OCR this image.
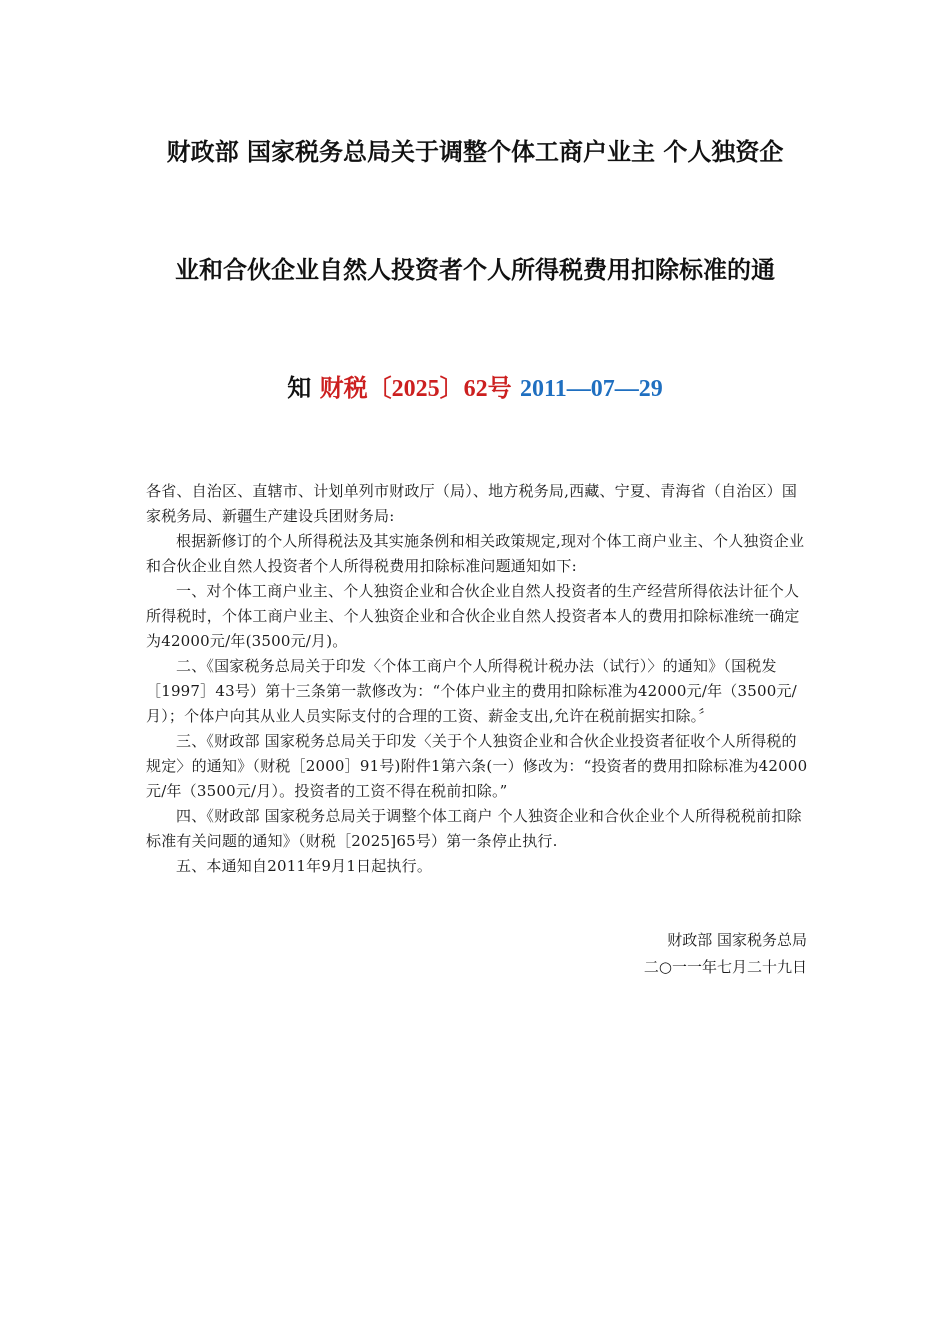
财政部 国家税务总局关于调整个体工商户业主 个人独资企
业和合伙企业自然人投资者个人所得税费用扣除标准的通
知 财税〔2025〕62号 2011—07—29

各省、自治区、直辖市、计划单列市财政厅（局）、地方税务局,西藏、宁夏、青海省（自治区）国家税务局、新疆生产建设兵团财务局:

根据新修订的个人所得税法及其实施条例和相关政策规定,现对个体工商户业主、个人独资企业和合伙企业自然人投资者个人所得税费用扣除标准问题通知如下:

一、对个体工商户业主、个人独资企业和合伙企业自然人投资者的生产经营所得依法计征个人所得税时，个体工商户业主、个人独资企业和合伙企业自然人投资者本人的费用扣除标准统一确定为42000元/年(3500元/月)。

二、《国家税务总局关于印发〈个体工商户个人所得税计税办法（试行）〉的通知》（国税发［1997］43号）第十三条第一款修改为：“个体户业主的费用扣除标准为42000元/年（3500元/月）；个体户向其从业人员实际支付的合理的工资、薪金支出,允许在税前据实扣除。〞

三、《财政部 国家税务总局关于印发〈关于个人独资企业和合伙企业投资者征收个人所得税的规定〉的通知》（财税［2000］91号)附件1第六条(一）修改为：“投资者的费用扣除标准为42000元/年（3500元/月）。投资者的工资不得在税前扣除。”

四、《财政部 国家税务总局关于调整个体工商户 个人独资企业和合伙企业个人所得税税前扣除标准有关问题的通知》（财税［2025]65号）第一条停止执行.

五、本通知自2011年9月1日起执行。

财政部 国家税务总局
二○一一年七月二十九日
